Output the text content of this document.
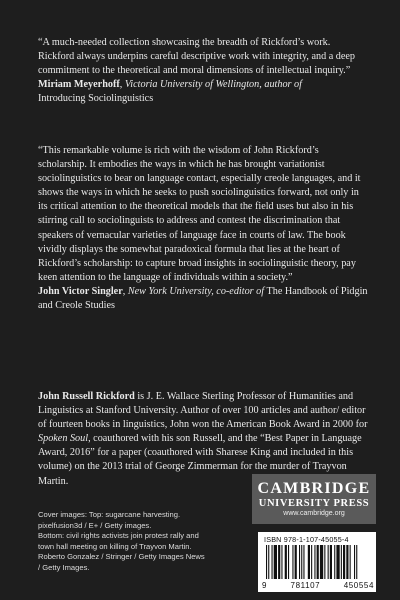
“A much-needed collection showcasing the breadth of Rickford’s work. Rickford always underpins careful descriptive work with integrity, and a deep commitment to the theoretical and moral dimensions of intellectual inquiry.”

Miriam Meyerhoff, Victoria University of Wellington, author of

Introducing Sociolinguistics

“This remarkable volume is rich with the wisdom of John Rickford’s scholarship. It embodies the ways in which he has brought variationist sociolinguistics to bear on language contact, especially creole languages, and it shows the ways in which he seeks to push sociolinguistics forward, not only in its critical attention to the theoretical models that the field uses but also in his stirring call to sociolinguists to address and contest the discrimination that speakers of vernacular varieties of language face in courts of law. The book vividly displays the somewhat paradoxical formula that lies at the heart of Rickford’s scholarship: to capture broad insights in sociolinguistic theory, pay keen attention to the language of individuals within a society.”

John Victor Singler, New York University, co-editor of The Handbook of Pidgin and Creole Studies

John Russell Rickford is J. E. Wallace Sterling Professor of Humanities and Linguistics at Stanford University. Author of over 100 articles and author/ editor of fourteen books in linguistics, John won the American Book Award in 2000 for Spoken Soul, coauthored with his son Russell, and the “Best Paper in Language Award, 2016” for a paper (coauthored with Sharese King and included in this volume) on the 2013 trial of George Zimmerman for the murder of Trayvon Martin.

Cover images: Top: sugarcane harvesting. pixelfusion3d / E+ / Getty images.

Bottom: civil rights activists join protest rally and town hall meeting on killing of Trayvon Martin. Roberto Gonzalez / Stringer / Getty Images News / Getty Images.

CAMBRIDGE
UNIVERSITY PRESS
www.cambridge.org
ISBN 978-1-107-45055-4
9	781107	450554
